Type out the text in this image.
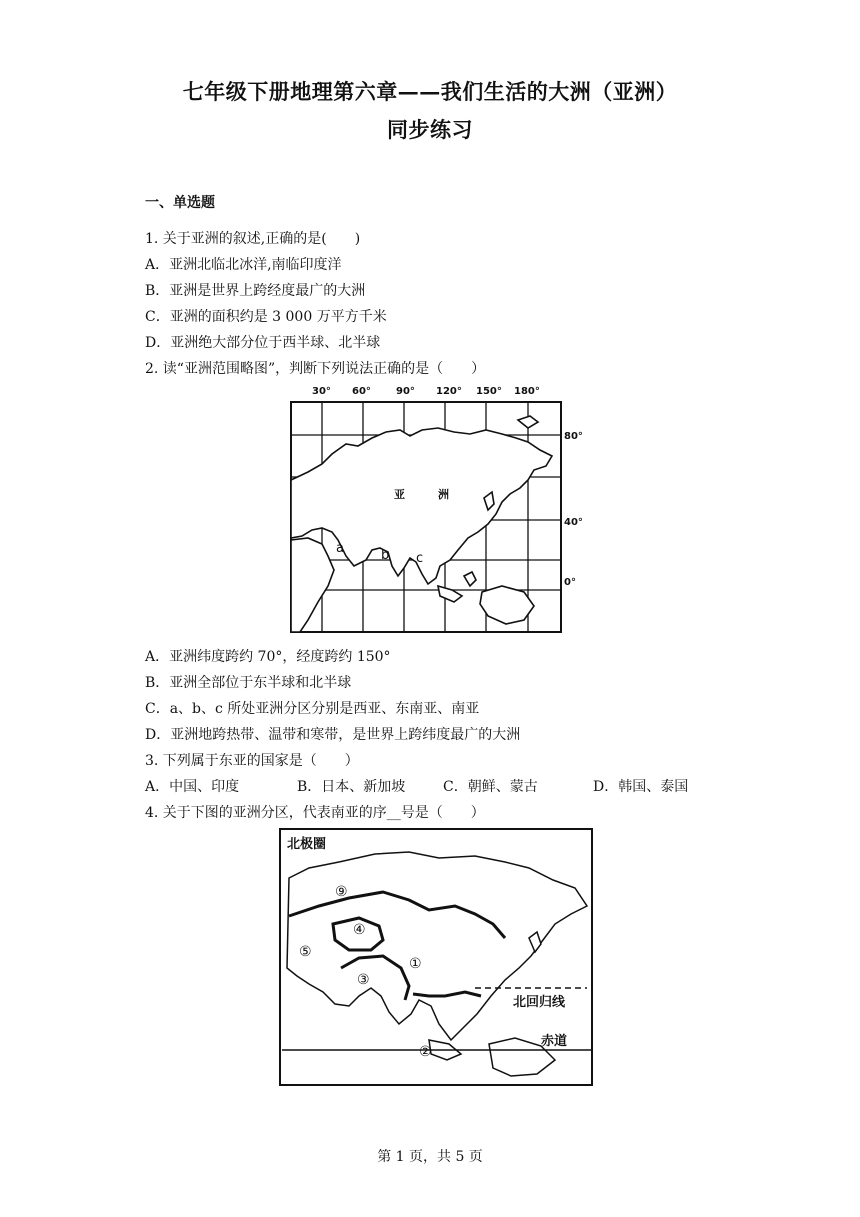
七年级下册地理第六章——我们生活的大洲（亚洲）
同步练习
一、单选题
1. 关于亚洲的叙述,正确的是(　　)
A．亚洲北临北冰洋,南临印度洋
B．亚洲是世界上跨经度最广的大洲
C．亚洲的面积约是 3 000 万平方千米
D．亚洲绝大部分位于西半球、北半球
2. 读“亚洲范围略图”，判断下列说法正确的是（　　）
30° 60°	90° 120° 150° 180°
80°
40°
0°
亚	洲
a	b c
A．亚洲纬度跨约 70°，经度跨约 150°
B．亚洲全部位于东半球和北半球
C．a、b、c 所处亚洲分区分别是西亚、东南亚、南亚
D．亚洲地跨热带、温带和寒带，是世界上跨纬度最广的大洲
3. 下列属于东亚的国家是（　　）
A．中国、印度	B．日本、新加坡	C．朝鲜、蒙古	D．韩国、泰国
4. 关于下图的亚洲分区，代表南亚的序__号是（　　）
北极圈
北回归线
赤道
⑨
④
⑤
③
①
②
第 1 页，共 5 页
